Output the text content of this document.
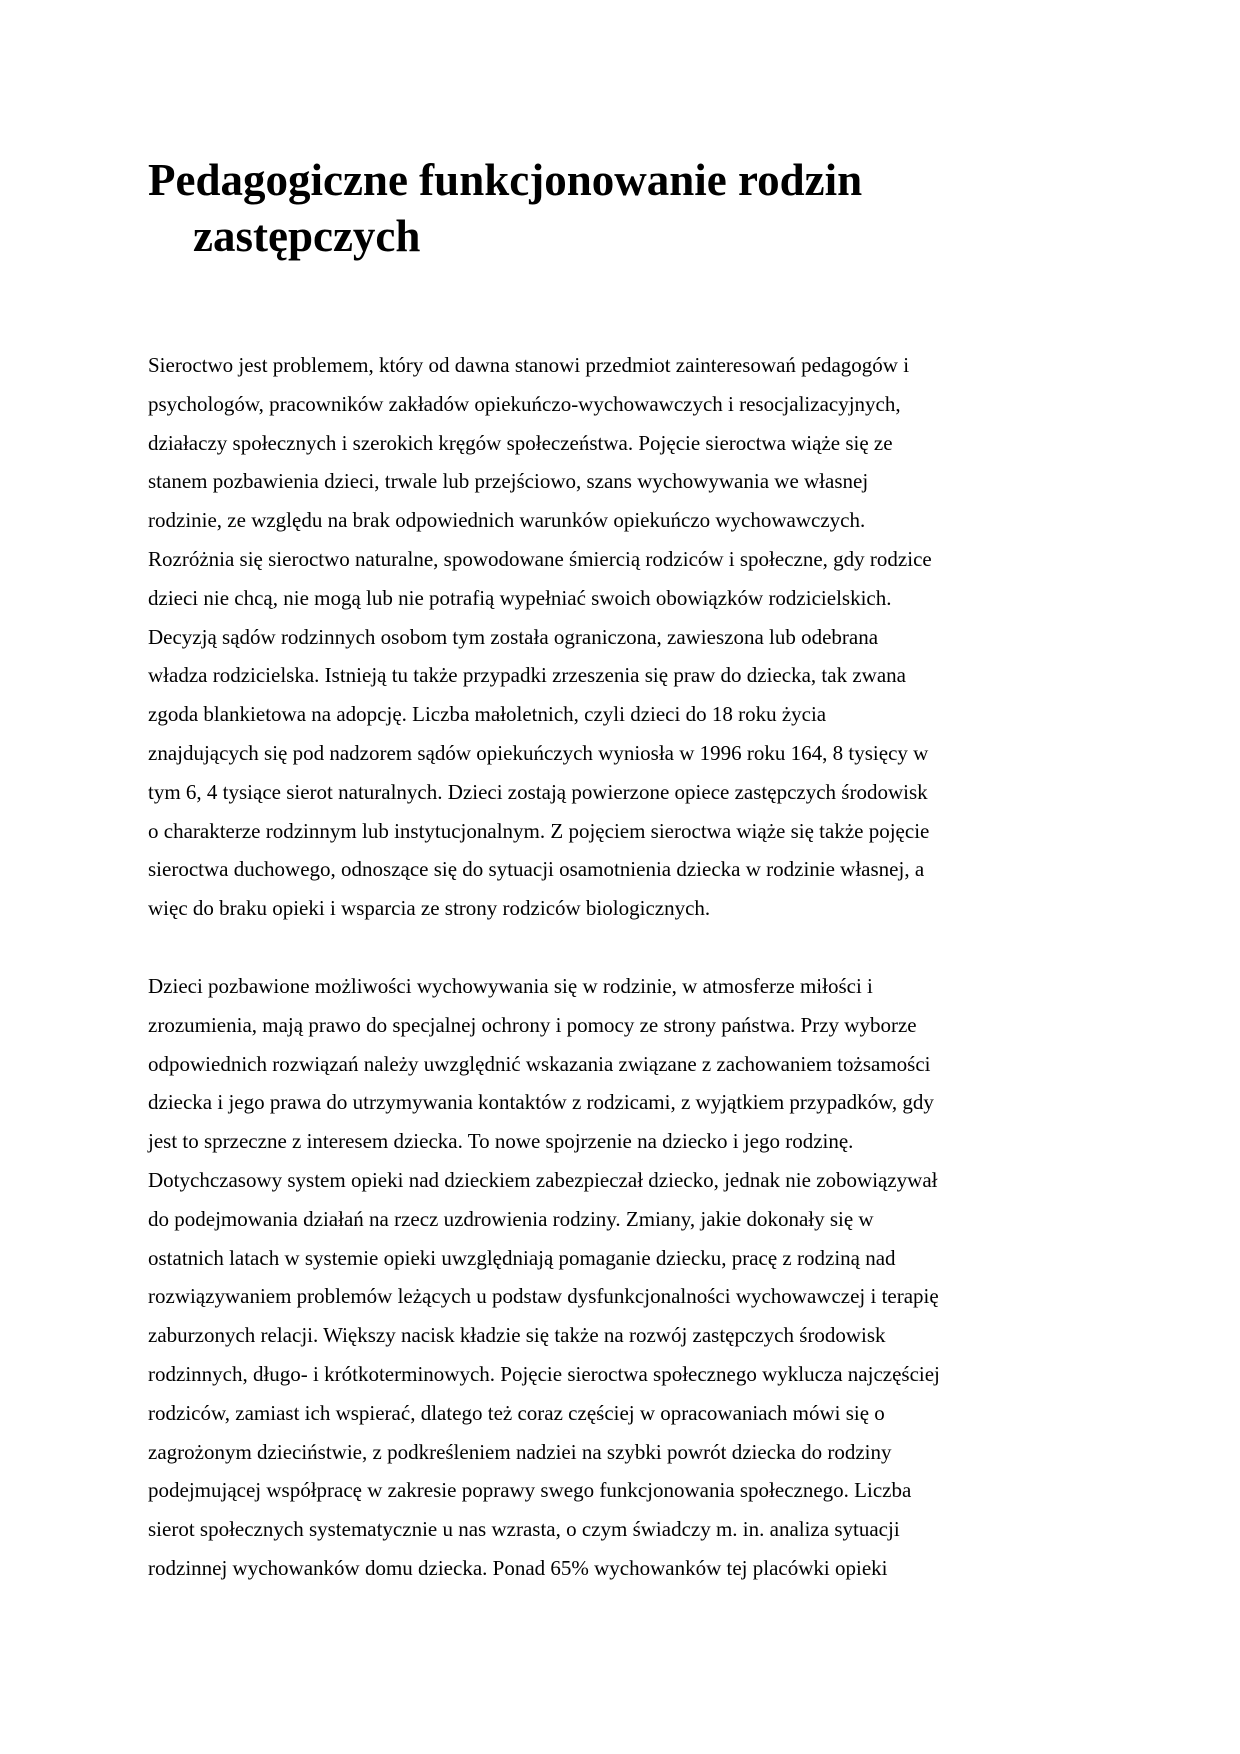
Pedagogiczne funkcjonowanie rodzin
zastępczych
Sieroctwo jest problemem, który od dawna stanowi przedmiot zainteresowań pedagogów i
psychologów, pracowników zakładów opiekuńczo-wychowawczych i resocjalizacyjnych,
działaczy społecznych i szerokich kręgów społeczeństwa. Pojęcie sieroctwa wiąże się ze
stanem pozbawienia dzieci, trwale lub przejściowo, szans wychowywania we własnej
rodzinie, ze względu na brak odpowiednich warunków opiekuńczo wychowawczych.
Rozróżnia się sieroctwo naturalne, spowodowane śmiercią rodziców i społeczne, gdy rodzice
dzieci nie chcą, nie mogą lub nie potrafią wypełniać swoich obowiązków rodzicielskich.
Decyzją sądów rodzinnych osobom tym została ograniczona, zawieszona lub odebrana
władza rodzicielska. Istnieją tu także przypadki zrzeszenia się praw do dziecka, tak zwana
zgoda blankietowa na adopcję. Liczba małoletnich, czyli dzieci do 18 roku życia
znajdujących się pod nadzorem sądów opiekuńczych wyniosła w 1996 roku 164, 8 tysięcy w
tym 6, 4 tysiące sierot naturalnych. Dzieci zostają powierzone opiece zastępczych środowisk
o charakterze rodzinnym lub instytucjonalnym. Z pojęciem sieroctwa wiąże się także pojęcie
sieroctwa duchowego, odnoszące się do sytuacji osamotnienia dziecka w rodzinie własnej, a
więc do braku opieki i wsparcia ze strony rodziców biologicznych.
Dzieci pozbawione możliwości wychowywania się w rodzinie, w atmosferze miłości i
zrozumienia, mają prawo do specjalnej ochrony i pomocy ze strony państwa. Przy wyborze
odpowiednich rozwiązań należy uwzględnić wskazania związane z zachowaniem tożsamości
dziecka i jego prawa do utrzymywania kontaktów z rodzicami, z wyjątkiem przypadków, gdy
jest to sprzeczne z interesem dziecka. To nowe spojrzenie na dziecko i jego rodzinę.
Dotychczasowy system opieki nad dzieckiem zabezpieczał dziecko, jednak nie zobowiązywał
do podejmowania działań na rzecz uzdrowienia rodziny. Zmiany, jakie dokonały się w
ostatnich latach w systemie opieki uwzględniają pomaganie dziecku, pracę z rodziną nad
rozwiązywaniem problemów leżących u podstaw dysfunkcjonalności wychowawczej i terapię
zaburzonych relacji. Większy nacisk kładzie się także na rozwój zastępczych środowisk
rodzinnych, długo- i krótkoterminowych. Pojęcie sieroctwa społecznego wyklucza najczęściej
rodziców, zamiast ich wspierać, dlatego też coraz częściej w opracowaniach mówi się o
zagrożonym dzieciństwie, z podkreśleniem nadziei na szybki powrót dziecka do rodziny
podejmującej współpracę w zakresie poprawy swego funkcjonowania społecznego. Liczba
sierot społecznych systematycznie u nas wzrasta, o czym świadczy m. in. analiza sytuacji
rodzinnej wychowanków domu dziecka. Ponad 65% wychowanków tej placówki opieki
